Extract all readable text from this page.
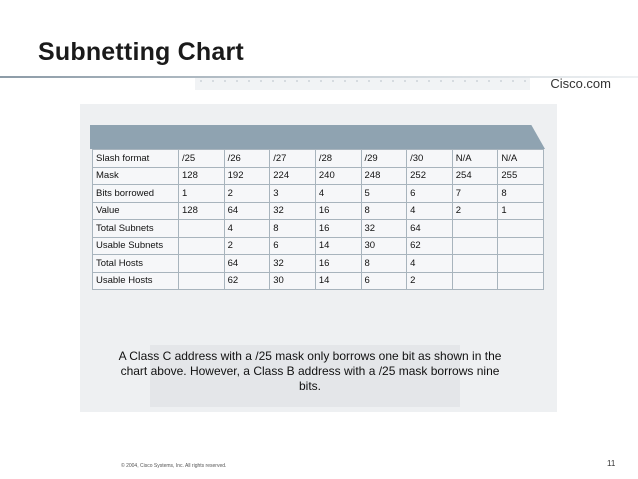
Subnetting Chart
Cisco.com
Slash format	/25	/26	/27	/28	/29	/30	N/A	N/A
Mask	128	192	224	240	248	252	254	255
Bits borrowed	1	2	3	4	5	6	7	8
Value	128	64	32	16	8	4	2	1
Total Subnets		4	8	16	32	64		
Usable Subnets		2	6	14	30	62		
Total Hosts		64	32	16	8	4		
Usable Hosts		62	30	14	6	2		
A Class C address with a /25 mask only borrows one bit as shown in the chart above. However, a Class B address with a /25 mask borrows nine bits.
© 2004, Cisco Systems, Inc. All rights reserved.	11
